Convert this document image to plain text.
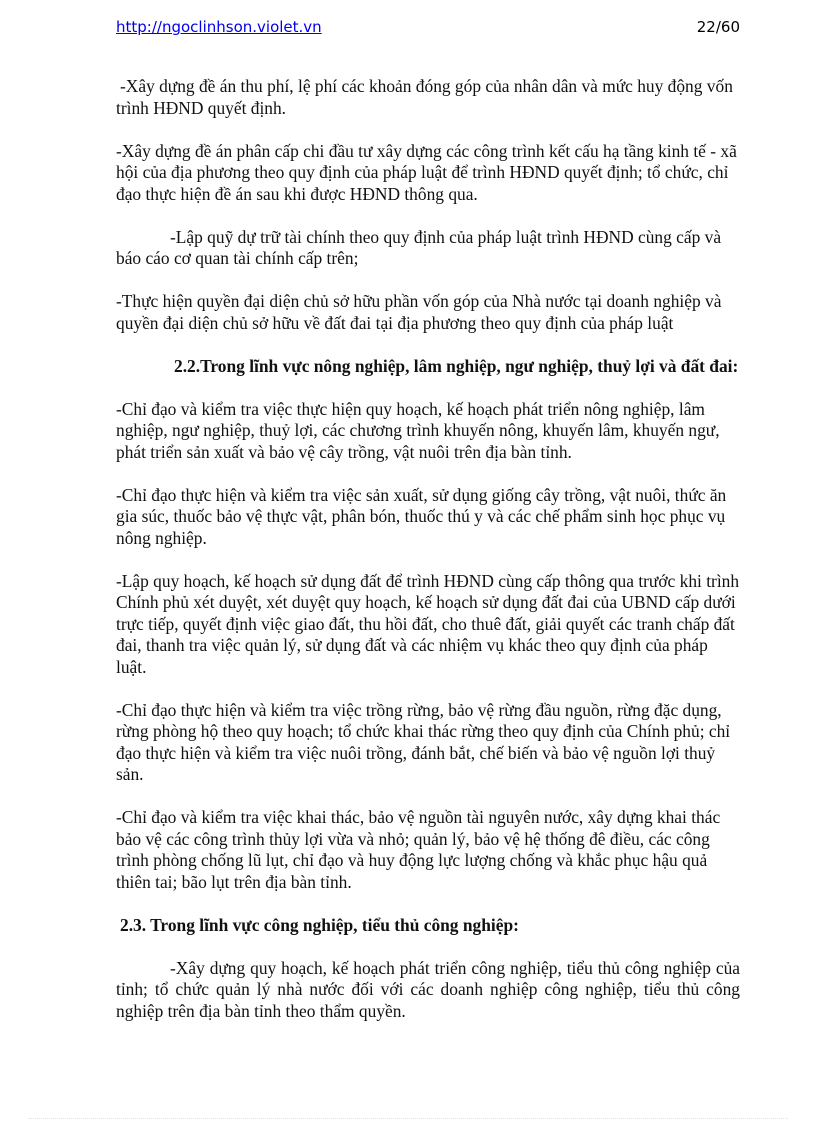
http://ngoclinhson.violet.vn	22/60

-Xây dựng đề án thu phí, lệ phí các khoản đóng góp của nhân dân và mức huy động vốn trình HĐND quyết định.

-Xây dựng đề án phân cấp chi đầu tư xây dựng các công trình kết cấu hạ tầng kinh tế - xã hội của địa phương theo quy định của pháp luật để trình HĐND quyết định; tổ chức, chỉ đạo thực hiện đề án sau khi được HĐND thông qua.

-Lập quỹ dự trữ tài chính theo quy định của pháp luật trình HĐND cùng cấp và báo cáo cơ quan tài chính cấp trên;

-Thực hiện quyền đại diện chủ sở hữu phần vốn góp của Nhà nước tại doanh nghiệp và quyền đại diện chủ sở hữu về đất đai tại địa phương theo quy định của pháp luật

2.2.Trong lĩnh vực nông nghiệp, lâm nghiệp, ngư nghiệp, thuỷ lợi và đất đai:

-Chỉ đạo và kiểm tra việc thực hiện quy hoạch, kế hoạch phát triển nông nghiệp, lâm nghiệp, ngư nghiệp, thuỷ lợi, các chương trình khuyến nông, khuyến lâm, khuyến ngư, phát triển sản xuất và bảo vệ cây trồng, vật nuôi trên địa bàn tỉnh.

-Chỉ đạo thực hiện và kiểm tra việc sản xuất, sử dụng giống cây trồng, vật nuôi, thức ăn gia súc, thuốc bảo vệ thực vật, phân bón, thuốc thú y và các chế phẩm sinh học phục vụ nông nghiệp.

-Lập quy hoạch, kế hoạch sử dụng đất để trình HĐND cùng cấp thông qua trước khi trình Chính phủ xét duyệt, xét duyệt quy hoạch, kế hoạch sử dụng đất đai của UBND cấp dưới trực tiếp, quyết định việc giao đất, thu hồi đất, cho thuê đất, giải quyết các tranh chấp đất đai, thanh tra việc quản lý, sử dụng đất và các nhiệm vụ khác theo quy định của pháp luật.

-Chỉ đạo thực hiện và kiểm tra việc trồng rừng, bảo vệ rừng đầu nguồn, rừng đặc dụng, rừng phòng hộ theo quy hoạch; tổ chức khai thác rừng theo quy định của Chính phủ; chỉ đạo thực hiện và kiểm tra việc nuôi trồng, đánh bắt, chế biến và bảo vệ nguồn lợi thuỷ sản.

-Chỉ đạo và kiểm tra việc khai thác, bảo vệ nguồn tài nguyên nước, xây dựng khai thác bảo vệ các công trình thủy lợi vừa và nhỏ; quản lý, bảo vệ hệ thống đê điều, các công trình phòng chống lũ lụt, chỉ đạo và huy động lực lượng chống và khắc phục hậu quả thiên tai; bão lụt trên địa bàn tỉnh.

2.3. Trong lĩnh vực công nghiệp, tiểu thủ công nghiệp:

-Xây dựng quy hoạch, kế hoạch phát triển công nghiệp, tiểu thủ công nghiệp của tỉnh; tổ chức quản lý nhà nước đối với các doanh nghiệp công nghiệp, tiểu thủ công nghiệp trên địa bàn tỉnh theo thẩm quyền.
